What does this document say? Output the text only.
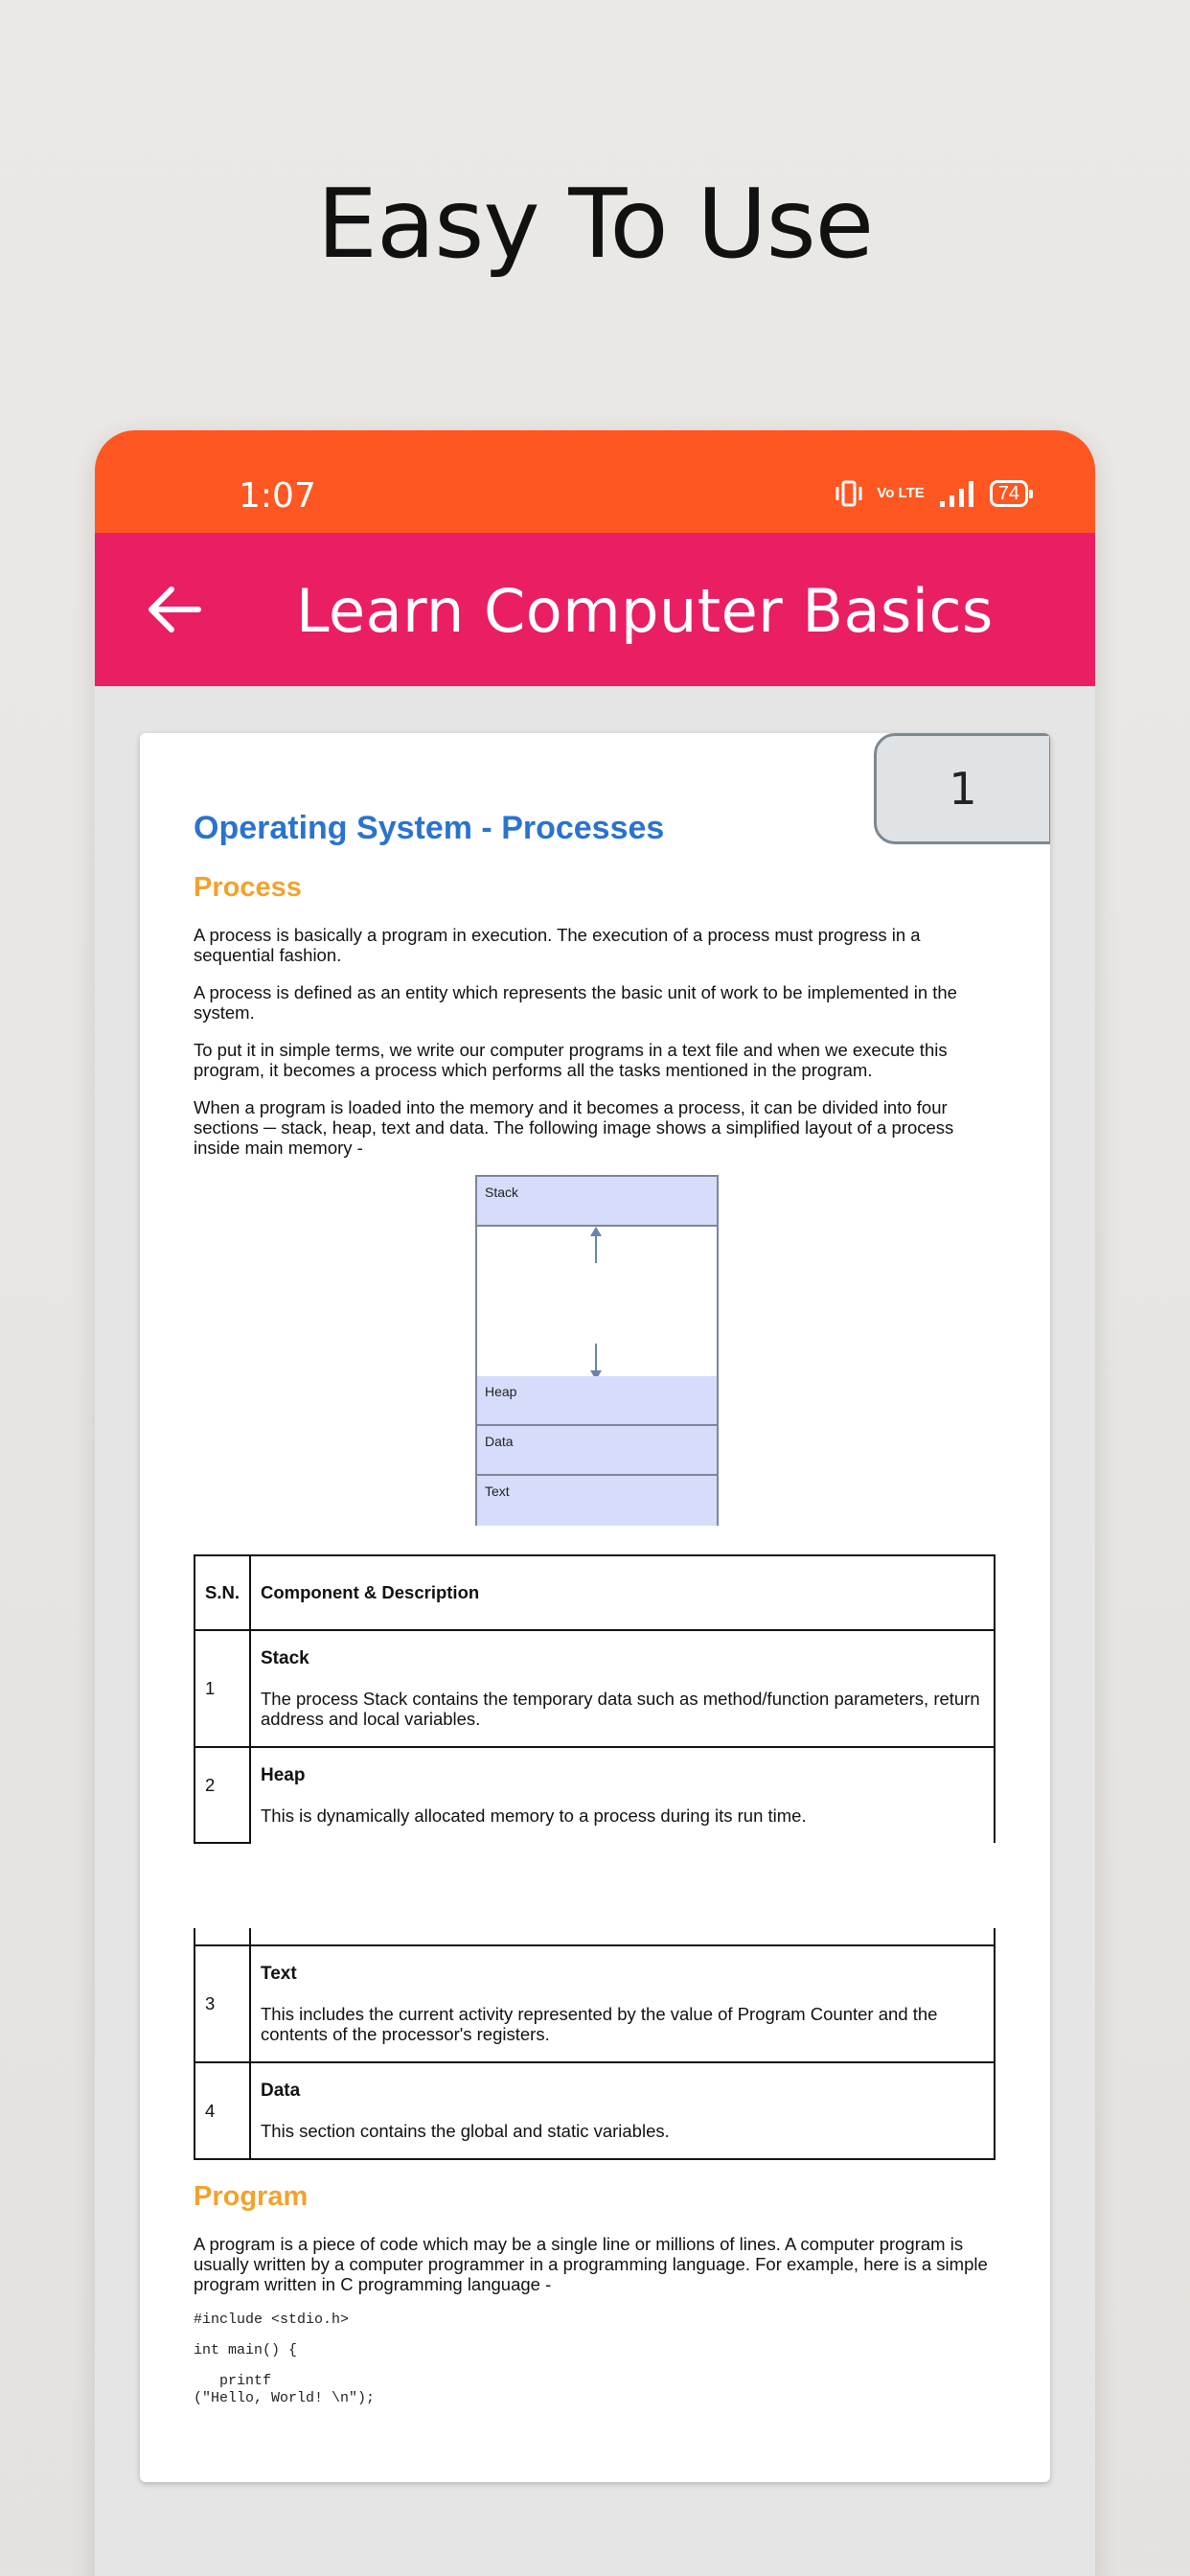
Easy To Use
1:07	Vo LTE	74
Learn Computer Basics
1
Operating System - Processes
Process

A process is basically a program in execution. The execution of a process must progress in a sequential fashion.

A process is defined as an entity which represents the basic unit of work to be implemented in the system.

To put it in simple terms, we write our computer programs in a text file and when we execute this program, it becomes a process which performs all the tasks mentioned in the program.

When a program is loaded into the memory and it becomes a process, it can be divided into four sections ─ stack, heap, text and data. The following image shows a simplified layout of a process inside main memory -

Stack
Heap
Data
Text
S.N.	Component & Description
1	Stack
The process Stack contains the temporary data such as method/function parameters, return address and local variables.

2	Heap
This is dynamically allocated memory to a process during its run time.

3	Text
This includes the current activity represented by the value of Program Counter and the contents of the processor's registers.

4	Data
This section contains the global and static variables.
Program

A program is a piece of code which may be a single line or millions of lines. A computer program is usually written by a computer programmer in a programming language. For example, here is a simple program written in C programming language -

#include <stdio.h>
int main() {
printf
("Hello, World! \n");
